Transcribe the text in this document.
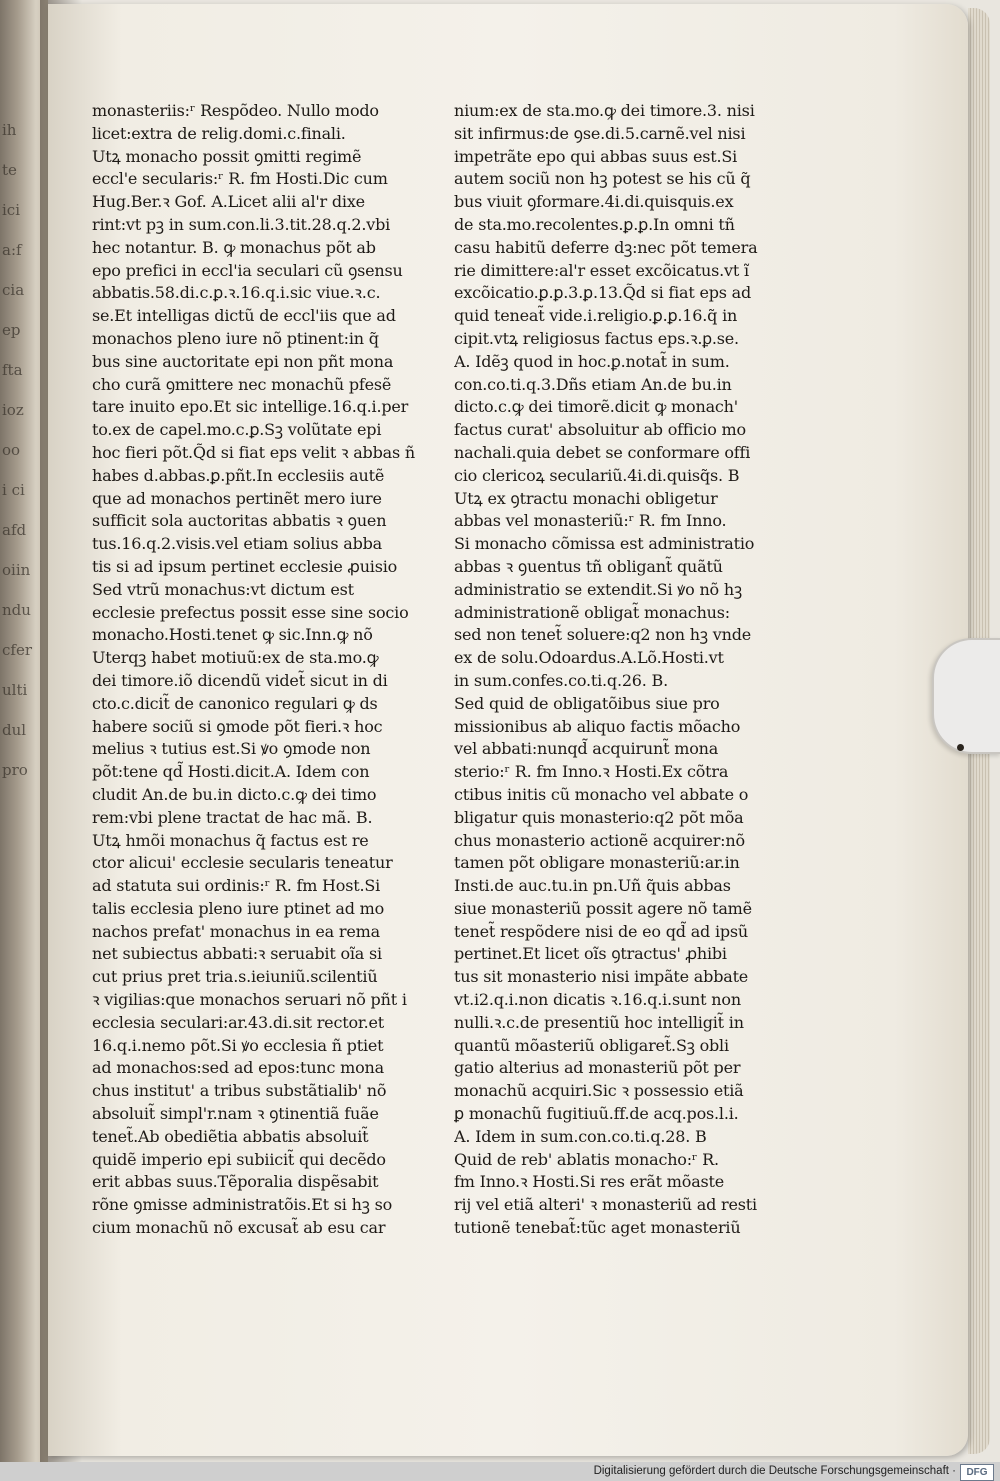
ih
te
ici
a:f
cia
ep
fta
ioz
oo
i ci
afd
oiin
ndu
cfer
ulti
dul
pro
monasteriis:ʳ Respõdeo. Nullo modo
licet:extra de relig.domi.c.finali.
Utꝝ monacho possit ꝯmitti regimẽ
eccl'e secularis:ʳ R. fm Hosti.Dic cum
Hug.Ber.ꝛ Gof. A.Licet alii al'r dixe
rint:vt pꝫ in sum.con.li.3.tit.28.q.2.vbi
hec notantur. B. ꝙ monachus põt ab
epo prefici in eccl'ia seculari cũ ꝯsensu
abbatis.58.di.c.ꝑ.ꝛ.16.q.i.sic viue.ꝛ.c.
se.Et intelligas dictũ de eccl'iis que ad
monachos pleno iure nõ ptinent:in q̃
bus sine auctoritate epi non pñt mona
cho curã ꝯmittere nec monachũ pfesẽ
tare inuito epo.Et sic intellige.16.q.i.per
to.ex de capel.mo.c.ꝑ.Sꝫ volũtate epi
hoc fieri põt.Q̃d si fiat eps velit ꝛ abbas ñ
habes d.abbas.ꝑ.pñt.In ecclesiis autẽ
que ad monachos pertinẽt mero iure
sufficit sola auctoritas abbatis ꝛ ꝯuen
tus.16.q.2.visis.vel etiam solius abba
tis si ad ipsum pertinet ecclesie ꝓuisio
Sed vtrũ monachus:vt dictum est
ecclesie prefectus possit esse sine socio
monacho.Hosti.tenet ꝙ sic.Inn.ꝙ nõ
Uterqꝫ habet motiuũ:ex de sta.mo.ꝙ
dei timore.iõ dicendũ videt̃ sicut in di
cto.c.dicit̃ de canonico regulari ꝙ ds
habere sociũ si ꝯmode põt fieri.ꝛ hoc
melius ꝛ tutius est.Si ꝟo ꝯmode non
põt:tene qd̃ Hosti.dicit.A. Idem con
cludit An.de bu.in dicto.c.ꝙ dei timo
rem:vbi plene tractat de hac mã. B.
Utꝝ hmõi monachus q̃ factus est re
ctor alicui' ecclesie secularis teneatur
ad statuta sui ordinis:ʳ R. fm Host.Si
talis ecclesia pleno iure ptinet ad mo
nachos prefat' monachus in ea rema
net subiectus abbati:ꝛ seruabit oĩa si
cut prius pret tria.s.ieiuniũ.scilentiũ
ꝛ vigilias:que monachos seruari nõ pñt i
ecclesia seculari:ar.43.di.sit rector.et
16.q.i.nemo põt.Si ꝟo ecclesia ñ ptiet
ad monachos:sed ad epos:tunc mona
chus institut' a tribus substãtialib' nõ
absoluit̃ simpl'r.nam ꝛ ꝯtinentiã fuãe
tenet̃.Ab obediẽtia abbatis absoluit̃
quidẽ imperio epi subiicit̃ qui decẽdo
erit abbas suus.Tẽporalia dispẽsabit
rõne ꝯmisse administratõis.Et si hꝫ so
cium monachũ nõ excusat̃ ab esu car
nium:ex de sta.mo.ꝙ dei timore.3. nisi
sit infirmus:de ꝯse.di.5.carnẽ.vel nisi
impetrãte epo qui abbas suus est.Si
autem sociũ non hꝫ potest se his cũ q̃
bus viuit ꝯformare.4i.di.quisquis.ex
de sta.mo.recolentes.ꝑ.ꝑ.In omni tñ
casu habitũ deferre dꝫ:nec põt temera
rie dimittere:al'r esset excõicatus.vt ĩ
excõicatio.ꝑ.ꝑ.3.ꝑ.13.Q̃d si fiat eps ad
quid teneat̃ vide.i.religio.ꝑ.ꝑ.16.q̃ in
cipit.vtꝝ religiosus factus eps.ꝛ.ꝑ.se.
A. Idẽꝫ quod in hoc.ꝑ.notat̃ in sum.
con.co.ti.q.3.Dñs etiam An.de bu.in
dicto.c.ꝙ dei timorẽ.dicit ꝙ monach'
factus curat' absoluitur ab officio mo
nachali.quia debet se conformare offi
cio clericoꝝ seculariũ.4i.di.quisq̃s. B
Utꝝ ex ꝯtractu monachi obligetur
abbas vel monasteriũ:ʳ R. fm Inno.
Si monacho cõmissa est administratio
abbas ꝛ ꝯuentus tñ obligant̃ quãtũ
administratio se extendit.Si ꝟo nõ hꝫ
administrationẽ obligat̃ monachus:
sed non tenet̃ soluere:q2 non hꝫ vnde
ex de solu.Odoardus.A.Lõ.Hosti.vt
in sum.confes.co.ti.q.26. B.
Sed quid de obligatõibus siue pro
missionibus ab aliquo factis mõacho
vel abbati:nunqd̃ acquirunt̃ mona
sterio:ʳ R. fm Inno.ꝛ Hosti.Ex cõtra
ctibus initis cũ monacho vel abbate o
bligatur quis monasterio:q2 põt mõa
chus monasterio actionẽ acquirer:nõ
tamen põt obligare monasteriũ:ar.in
Insti.de auc.tu.in pn.Uñ q̃uis abbas
siue monasteriũ possit agere nõ tamẽ
tenet̃ respõdere nisi de eo qd̃ ad ipsũ
pertinet.Et licet oĩs ꝯtractus' ꝓhibi
tus sit monasterio nisi impãte abbate
vt.i2.q.i.non dicatis ꝛ.16.q.i.sunt non
nulli.ꝛ.c.de presentiũ hoc intelligit̃ in
quantũ mõasteriũ obligaret̃.Sꝫ obli
gatio alterius ad monasteriũ põt per
monachũ acquiri.Sic ꝛ possessio etiã
ꝑ monachũ fugitiuũ.ff.de acq.pos.l.i.
A. Idem in sum.con.co.ti.q.28. B
Quid de reb' ablatis monacho:ʳ R.
fm Inno.ꝛ Hosti.Si res erãt mõaste
rij vel etiã alteri' ꝛ monasteriũ ad resti
tutionẽ tenebat̃:tũc aget monasteriũ
Digitalisierung gefördert durch die Deutsche Forschungsgemeinschaft ·	DFG
